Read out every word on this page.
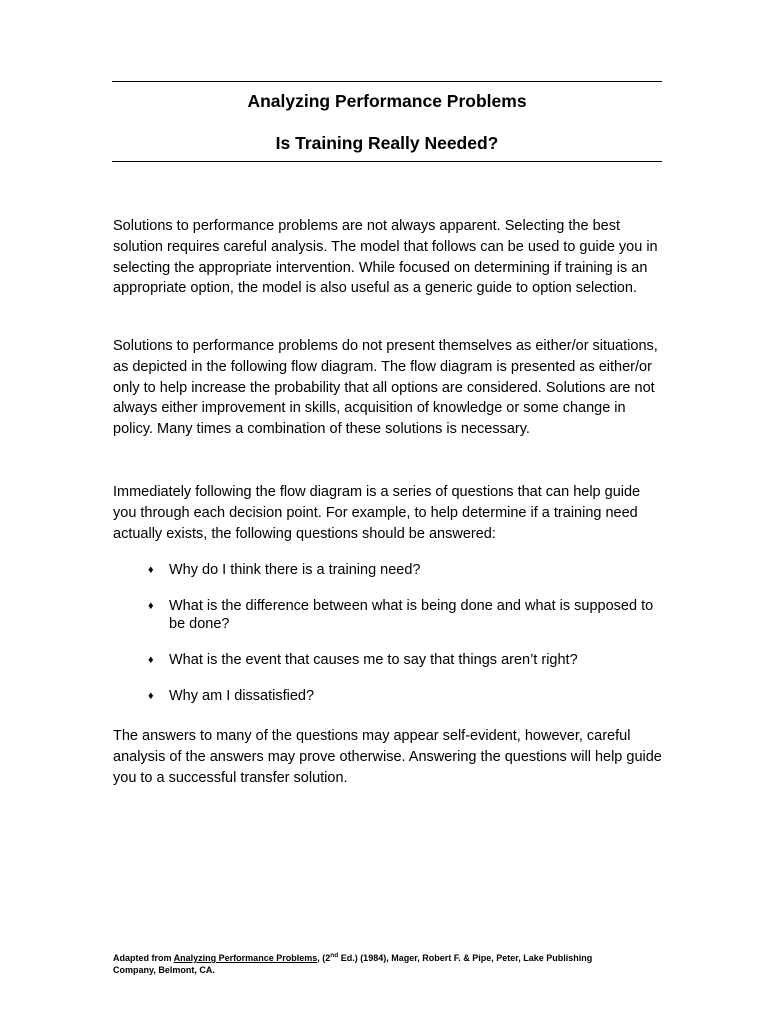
Analyzing Performance Problems
Is Training Really Needed?

Solutions to performance problems are not always apparent. Selecting the best solution requires careful analysis. The model that follows can be used to guide you in selecting the appropriate intervention. While focused on determining if training is an appropriate option, the model is also useful as a generic guide to option selection.

Solutions to performance problems do not present themselves as either/or situations, as depicted in the following flow diagram. The flow diagram is presented as either/or only to help increase the probability that all options are considered. Solutions are not always either improvement in skills, acquisition of knowledge or some change in policy. Many times a combination of these solutions is necessary.

Immediately following the flow diagram is a series of questions that can help guide you through each decision point. For example, to help determine if a training need actually exists, the following questions should be answered:

♦ Why do I think there is a training need?
♦ What is the difference between what is being done and what is supposed to be done?
♦ What is the event that causes me to say that things aren’t right?
♦ Why am I dissatisfied?

The answers to many of the questions may appear self-evident, however, careful analysis of the answers may prove otherwise. Answering the questions will help guide you to a successful transfer solution.

Adapted from Analyzing Performance Problems, (2nd Ed.) (1984), Mager, Robert F. & Pipe, Peter, Lake Publishing Company, Belmont, CA.
